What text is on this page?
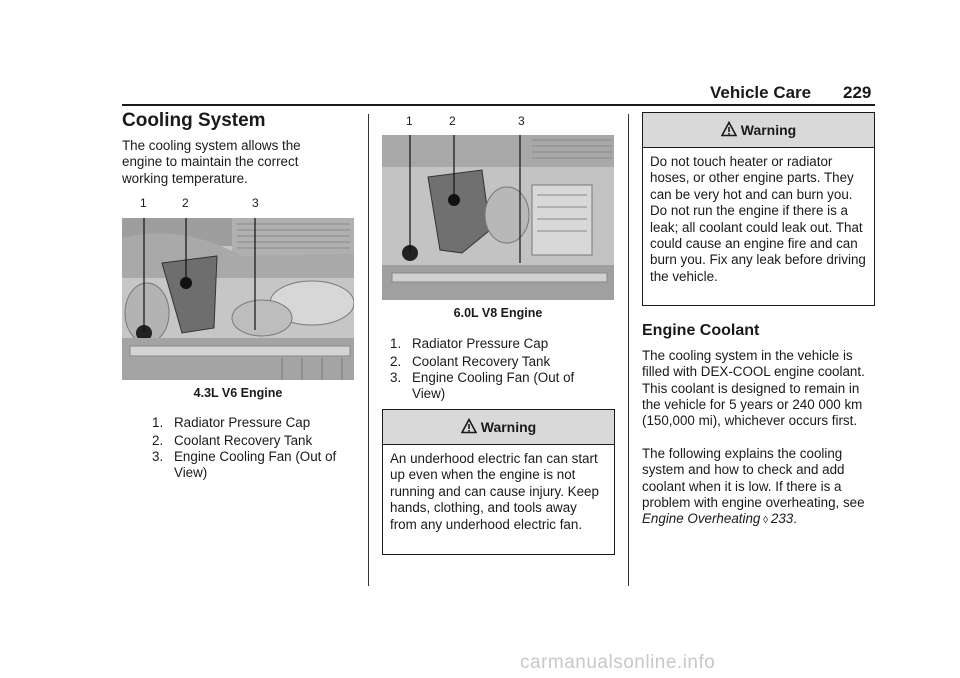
Vehicle Care 229
Cooling System
The cooling system allows the engine to maintain the correct working temperature.
1	2	3
4.3L V6 Engine
1. Radiator Pressure Cap
2. Coolant Recovery Tank
3. Engine Cooling Fan (Out of View)
1	2	3
6.0L V8 Engine
1. Radiator Pressure Cap
2. Coolant Recovery Tank
3. Engine Cooling Fan (Out of View)
Warning
An underhood electric fan can start up even when the engine is not running and can cause injury. Keep hands, clothing, and tools away from any underhood electric fan.
Warning
Do not touch heater or radiator hoses, or other engine parts. They can be very hot and can burn you. Do not run the engine if there is a leak; all coolant could leak out. That could cause an engine fire and can burn you. Fix any leak before driving the vehicle.
Engine Coolant
The cooling system in the vehicle is filled with DEX-COOL engine coolant. This coolant is designed to remain in the vehicle for 5 years or 240 000 km (150,000 mi), whichever occurs first.
The following explains the cooling system and how to check and add coolant when it is low. If there is a problem with engine overheating, see Engine Overheating ◊ 233.
carmanualsonline.info
